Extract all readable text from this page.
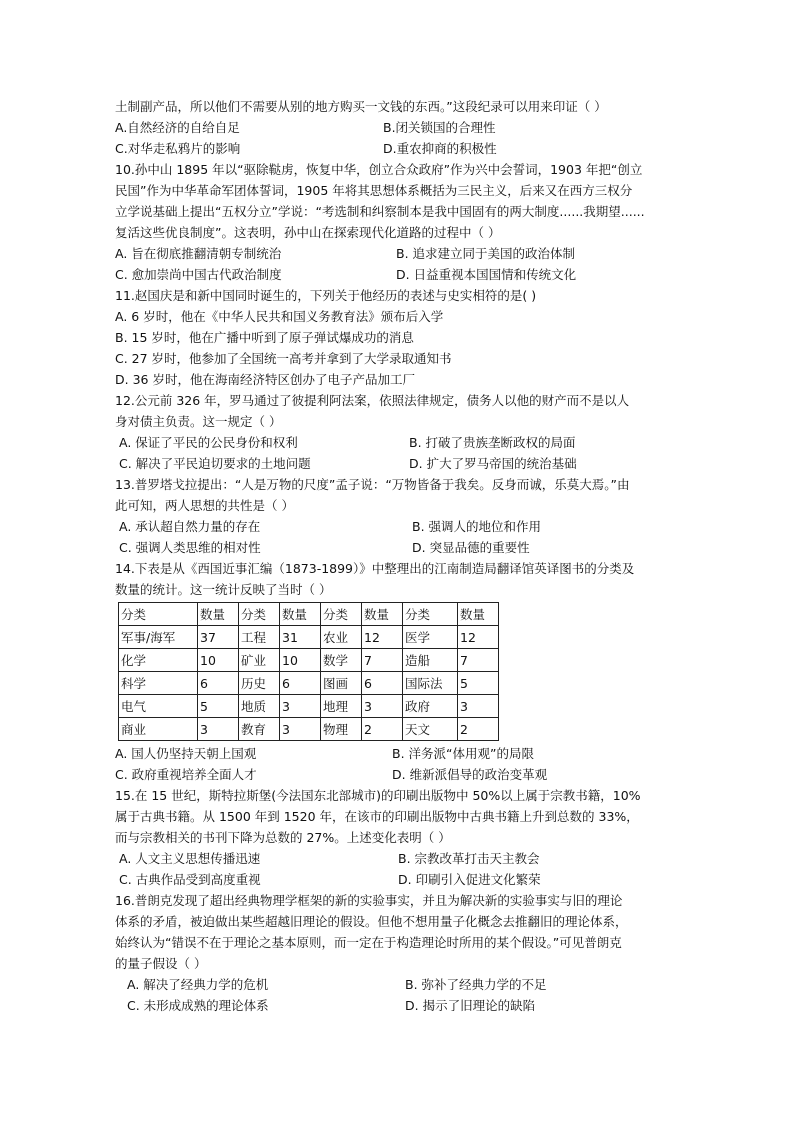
土制副产品，所以他们不需要从别的地方购买一文钱的东西。”这段纪录可以用来印证（ ）
A.自然经济的自给自足	B.闭关锁国的合理性
C.对华走私鸦片的影响	D.重农抑商的积极性
10.孙中山 1895 年以“驱除鞑虏，恢复中华，创立合众政府”作为兴中会誓词，1903 年把“创立
民国”作为中华革命军团体誓词，1905 年将其思想体系概括为三民主义，后来又在西方三权分
立学说基础上提出“五权分立”学说：“考选制和纠察制本是我中国固有的两大制度......我期望......
复活这些优良制度”。这表明，孙中山在探索现代化道路的过程中（ ）
A. 旨在彻底推翻清朝专制统治	B. 追求建立同于美国的政治体制
C. 愈加崇尚中国古代政治制度	D. 日益重视本国国情和传统文化
11.赵国庆是和新中国同时诞生的，下列关于他经历的表述与史实相符的是( )
A. 6 岁时，他在《中华人民共和国义务教育法》颁布后入学
B. 15 岁时，他在广播中听到了原子弹试爆成功的消息
C. 27 岁时，他参加了全国统一高考并拿到了大学录取通知书
D. 36 岁时，他在海南经济特区创办了电子产品加工厂
12.公元前 326 年，罗马通过了彼提利阿法案，依照法律规定，债务人以他的财产而不是以人
身对债主负责。这一规定（ ）
A. 保证了平民的公民身份和权利	B. 打破了贵族垄断政权的局面
C. 解决了平民迫切要求的土地问题	D. 扩大了罗马帝国的统治基础
13.普罗塔戈拉提出：“人是万物的尺度”孟子说：“万物皆备于我矣。反身而诚，乐莫大焉。”由
此可知，两人思想的共性是（ ）
A. 承认超自然力量的存在	B. 强调人的地位和作用
C. 强调人类思维的相对性	D. 突显品德的重要性
14.下表是从《西国近事汇编（1873-1899）》中整理出的江南制造局翻译馆英译图书的分类及
数量的统计。这一统计反映了当时（ ）
分类	数量	分类	数量	分类	数量	分类	数量
军事/海军	37	工程	31	农业	12	医学	12
化学	10	矿业	10	数学	7	造船	7
科学	6	历史	6	图画	6	国际法	5
电气	5	地质	3	地理	3	政府	3
商业	3	教育	3	物理	2	天文	2
A. 国人仍坚持天朝上国观	B. 洋务派“体用观”的局限
C. 政府重视培养全面人才	D. 维新派倡导的政治变革观
15.在 15 世纪，斯特拉斯堡(今法国东北部城市)的印刷出版物中 50%以上属于宗教书籍，10%
属于古典书籍。从 1500 年到 1520 年，在该市的印刷出版物中古典书籍上升到总数的 33%，
而与宗教相关的书刊下降为总数的 27%。上述变化表明（ ）
A. 人文主义思想传播迅速	B. 宗教改革打击天主教会
C. 古典作品受到高度重视	D. 印刷引入促进文化繁荣
16.普朗克发现了超出经典物理学框架的新的实验事实，并且为解决新的实验事实与旧的理论
体系的矛盾，被迫做出某些超越旧理论的假设。但他不想用量子化概念去推翻旧的理论体系，
始终认为“错误不在于理论之基本原则，而一定在于构造理论时所用的某个假设。”可见普朗克
的量子假设（ ）
A. 解决了经典力学的危机	B. 弥补了经典力学的不足
C. 未形成成熟的理论体系	D. 揭示了旧理论的缺陷
